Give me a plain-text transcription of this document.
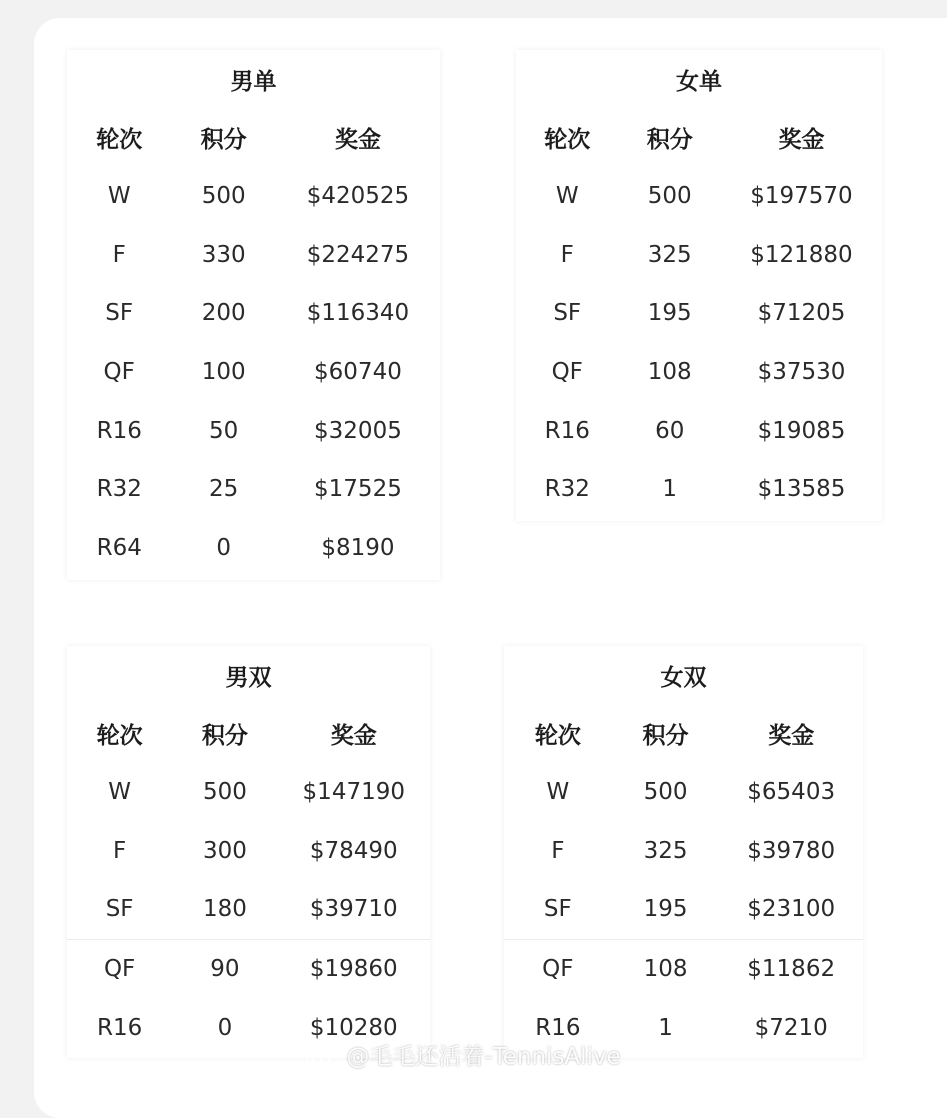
男单		
轮次	积分	奖金
W	500	$420525
F	330	$224275
SF	200	$116340
QF	100	$60740
R16	50	$32005
R32	25	$17525
R64	0	$8190
女单		
轮次	积分	奖金
W	500	$197570
F	325	$121880
SF	195	$71205
QF	108	$37530
R16	60	$19085
R32	1	$13585
男双		
轮次	积分	奖金
W	500	$147190
F	300	$78490
SF	180	$39710
QF	90	$19860
R16	0	$10280
女双		
轮次	积分	奖金
W	500	$65403
F	325	$39780
SF	195	$23100
QF	108	$11862
R16	1	$7210
@毛毛还活着-TennisAlive
